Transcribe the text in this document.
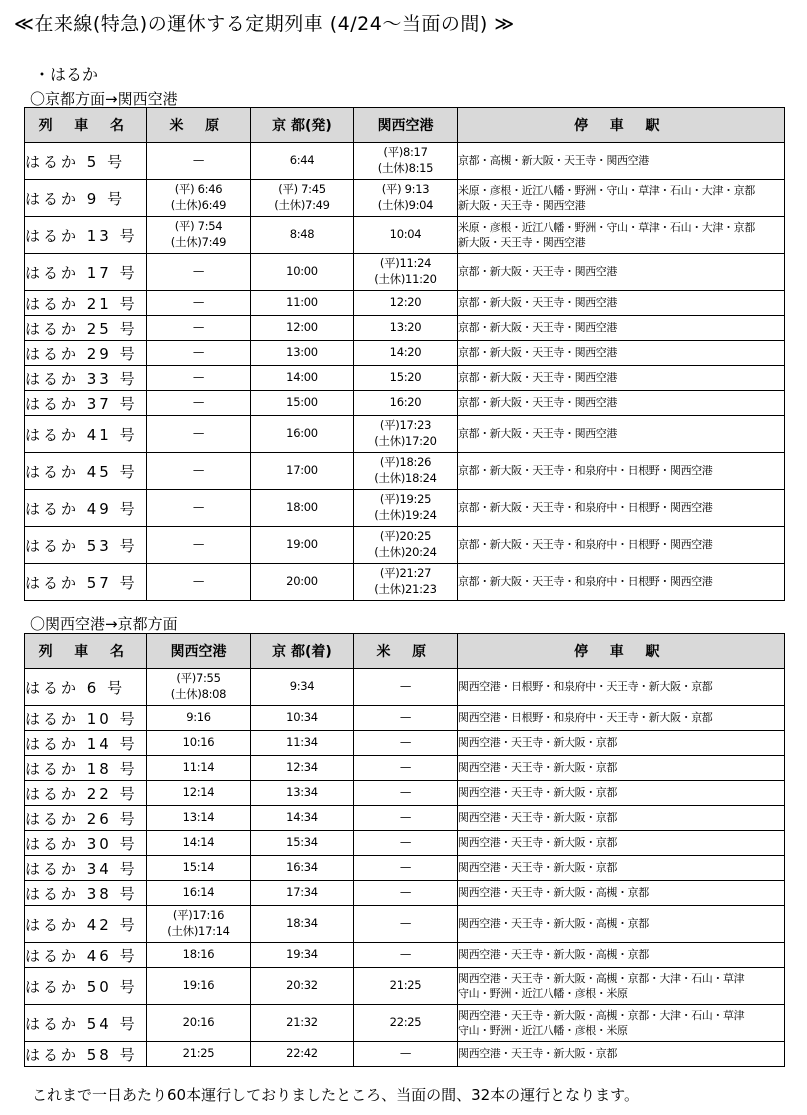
≪在来線(特急)の運休する定期列車 (4/24～当面の間) ≫
・はるか
〇京都方面→関西空港
列 車 名	米 原	京 都(発)	関西空港	停 車 駅
はるか 5 号	—	6:44	(平)8:17
(土休)8:15	京都・高槻・新大阪・天王寺・関西空港

はるか 9 号	(平) 6:46
(土休)6:49	(平) 7:45
(土休)7:49	(平) 9:13
(土休)9:04	米原・彦根・近江八幡・野洲・守山・草津・石山・大津・京都
新大阪・天王寺・関西空港

はるか 13 号	(平) 7:54
(土休)7:49	8:48	10:04	米原・彦根・近江八幡・野洲・守山・草津・石山・大津・京都
新大阪・天王寺・関西空港

はるか 17 号	—	10:00	(平)11:24
(土休)11:20	京都・新大阪・天王寺・関西空港

はるか 21 号	—	11:00	12:20	京都・新大阪・天王寺・関西空港

はるか 25 号	—	12:00	13:20	京都・新大阪・天王寺・関西空港

はるか 29 号	—	13:00	14:20	京都・新大阪・天王寺・関西空港

はるか 33 号	—	14:00	15:20	京都・新大阪・天王寺・関西空港

はるか 37 号	—	15:00	16:20	京都・新大阪・天王寺・関西空港

はるか 41 号	—	16:00	(平)17:23
(土休)17:20	京都・新大阪・天王寺・関西空港

はるか 45 号	—	17:00	(平)18:26
(土休)18:24	京都・新大阪・天王寺・和泉府中・日根野・関西空港

はるか 49 号	—	18:00	(平)19:25
(土休)19:24	京都・新大阪・天王寺・和泉府中・日根野・関西空港

はるか 53 号	—	19:00	(平)20:25
(土休)20:24	京都・新大阪・天王寺・和泉府中・日根野・関西空港

はるか 57 号	—	20:00	(平)21:27
(土休)21:23	京都・新大阪・天王寺・和泉府中・日根野・関西空港
〇関西空港→京都方面
列 車 名	関西空港	京 都(着)	米 原	停 車 駅
はるか 6 号	(平)7:55
(土休)8:08	9:34	—	関西空港・日根野・和泉府中・天王寺・新大阪・京都

はるか 10 号	9:16	10:34	—	関西空港・日根野・和泉府中・天王寺・新大阪・京都

はるか 14 号	10:16	11:34	—	関西空港・天王寺・新大阪・京都

はるか 18 号	11:14	12:34	—	関西空港・天王寺・新大阪・京都

はるか 22 号	12:14	13:34	—	関西空港・天王寺・新大阪・京都

はるか 26 号	13:14	14:34	—	関西空港・天王寺・新大阪・京都

はるか 30 号	14:14	15:34	—	関西空港・天王寺・新大阪・京都

はるか 34 号	15:14	16:34	—	関西空港・天王寺・新大阪・京都

はるか 38 号	16:14	17:34	—	関西空港・天王寺・新大阪・高槻・京都

はるか 42 号	(平)17:16
(土休)17:14	18:34	—	関西空港・天王寺・新大阪・高槻・京都

はるか 46 号	18:16	19:34	—	関西空港・天王寺・新大阪・高槻・京都

はるか 50 号	19:16	20:32	21:25	関西空港・天王寺・新大阪・高槻・京都・大津・石山・草津
守山・野洲・近江八幡・彦根・米原

はるか 54 号	20:16	21:32	22:25	関西空港・天王寺・新大阪・高槻・京都・大津・石山・草津
守山・野洲・近江八幡・彦根・米原

はるか 58 号	21:25	22:42	—	関西空港・天王寺・新大阪・京都
これまで一日あたり60本運行しておりましたところ、当面の間、32本の運行となります。
